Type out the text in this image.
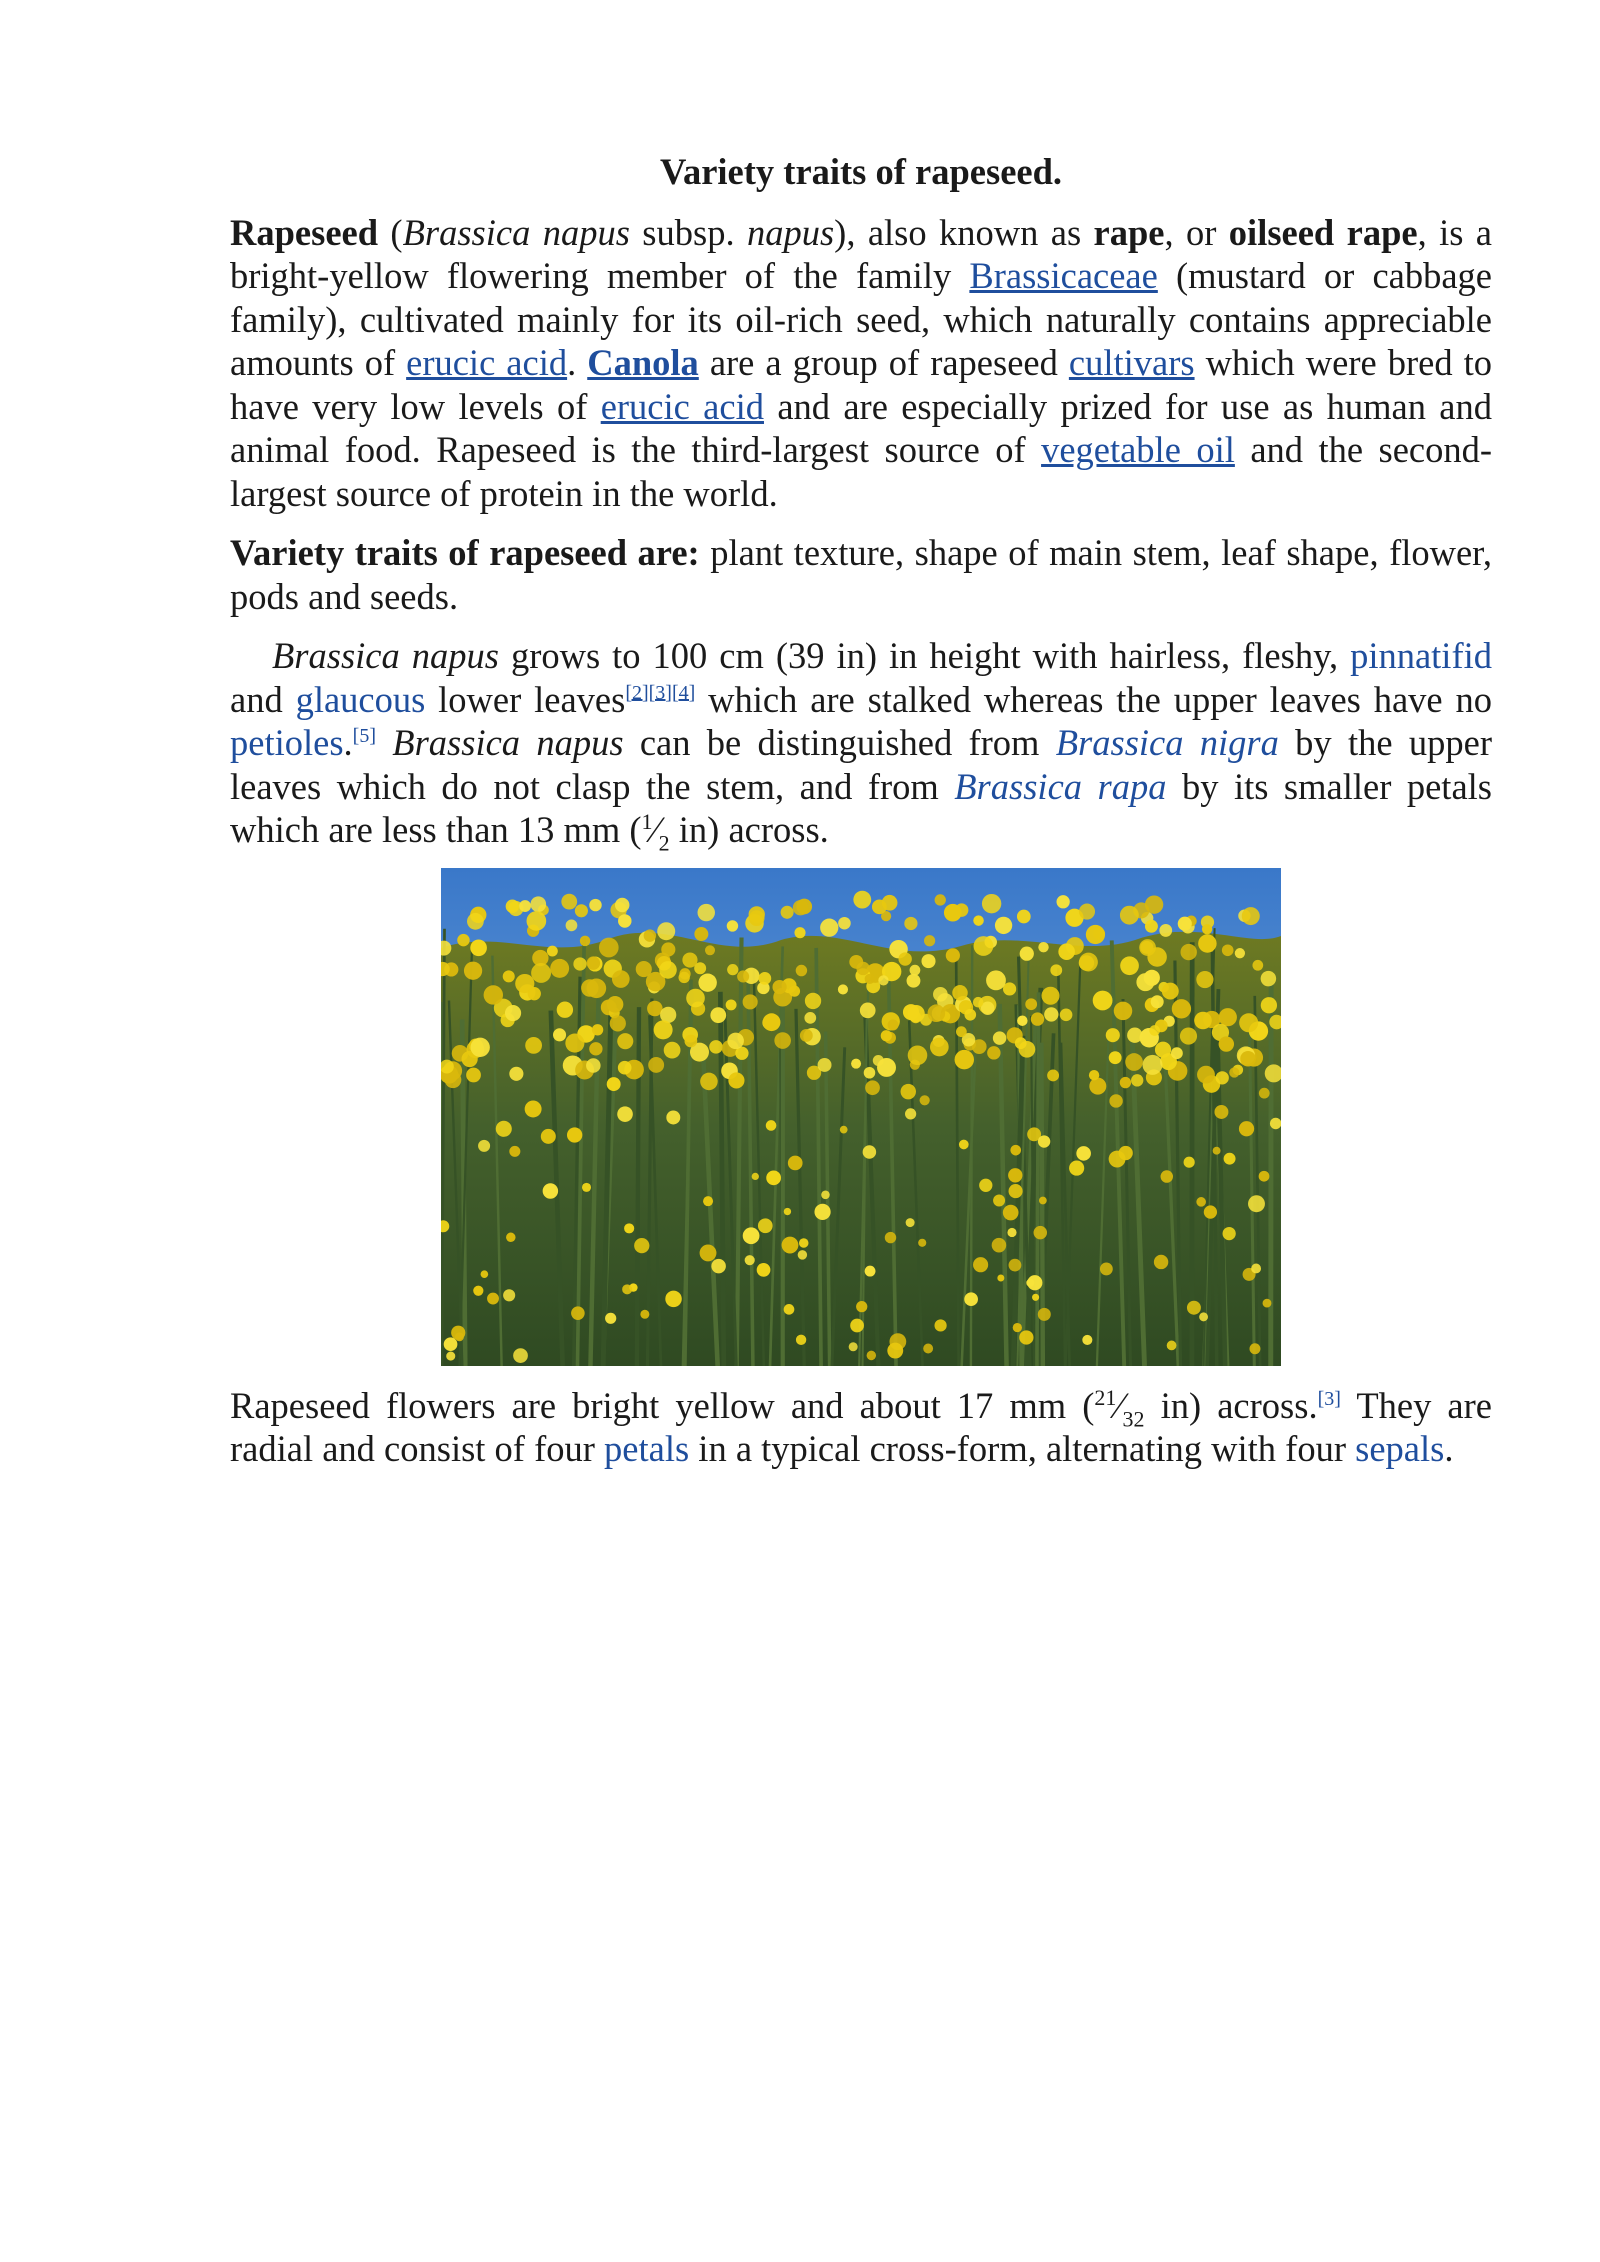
Variety traits of rapeseed.

Rapeseed (Brassica napus subsp. napus), also known as rape, or oilseed rape, is a bright-yellow flowering member of the family Brassicaceae (mustard or cabbage family), cultivated mainly for its oil-rich seed, which naturally contains appreciable amounts of erucic acid. Canola are a group of rapeseed cultivars which were bred to have very low levels of erucic acid and are especially prized for use as human and animal food. Rapeseed is the third-largest source of vegetable oil and the second-largest source of protein in the world.

Variety traits of rapeseed are: plant texture, shape of main stem, leaf shape, flower, pods and seeds.

Brassica napus grows to 100 cm (39 in) in height with hairless, fleshy, pinnatifid and glaucous lower leaves[2][3][4] which are stalked whereas the upper leaves have no petioles.[5] Brassica napus can be distinguished from Brassica nigra by the upper leaves which do not clasp the stem, and from Brassica rapa by its smaller petals which are less than 13 mm ($^1⁄_2$ in) across.

Rapeseed flowers are bright yellow and about 17 mm ($^{21}⁄_{32}$ in) across.[3] They are radial and consist of four petals in a typical cross-form, alternating with four sepals.
